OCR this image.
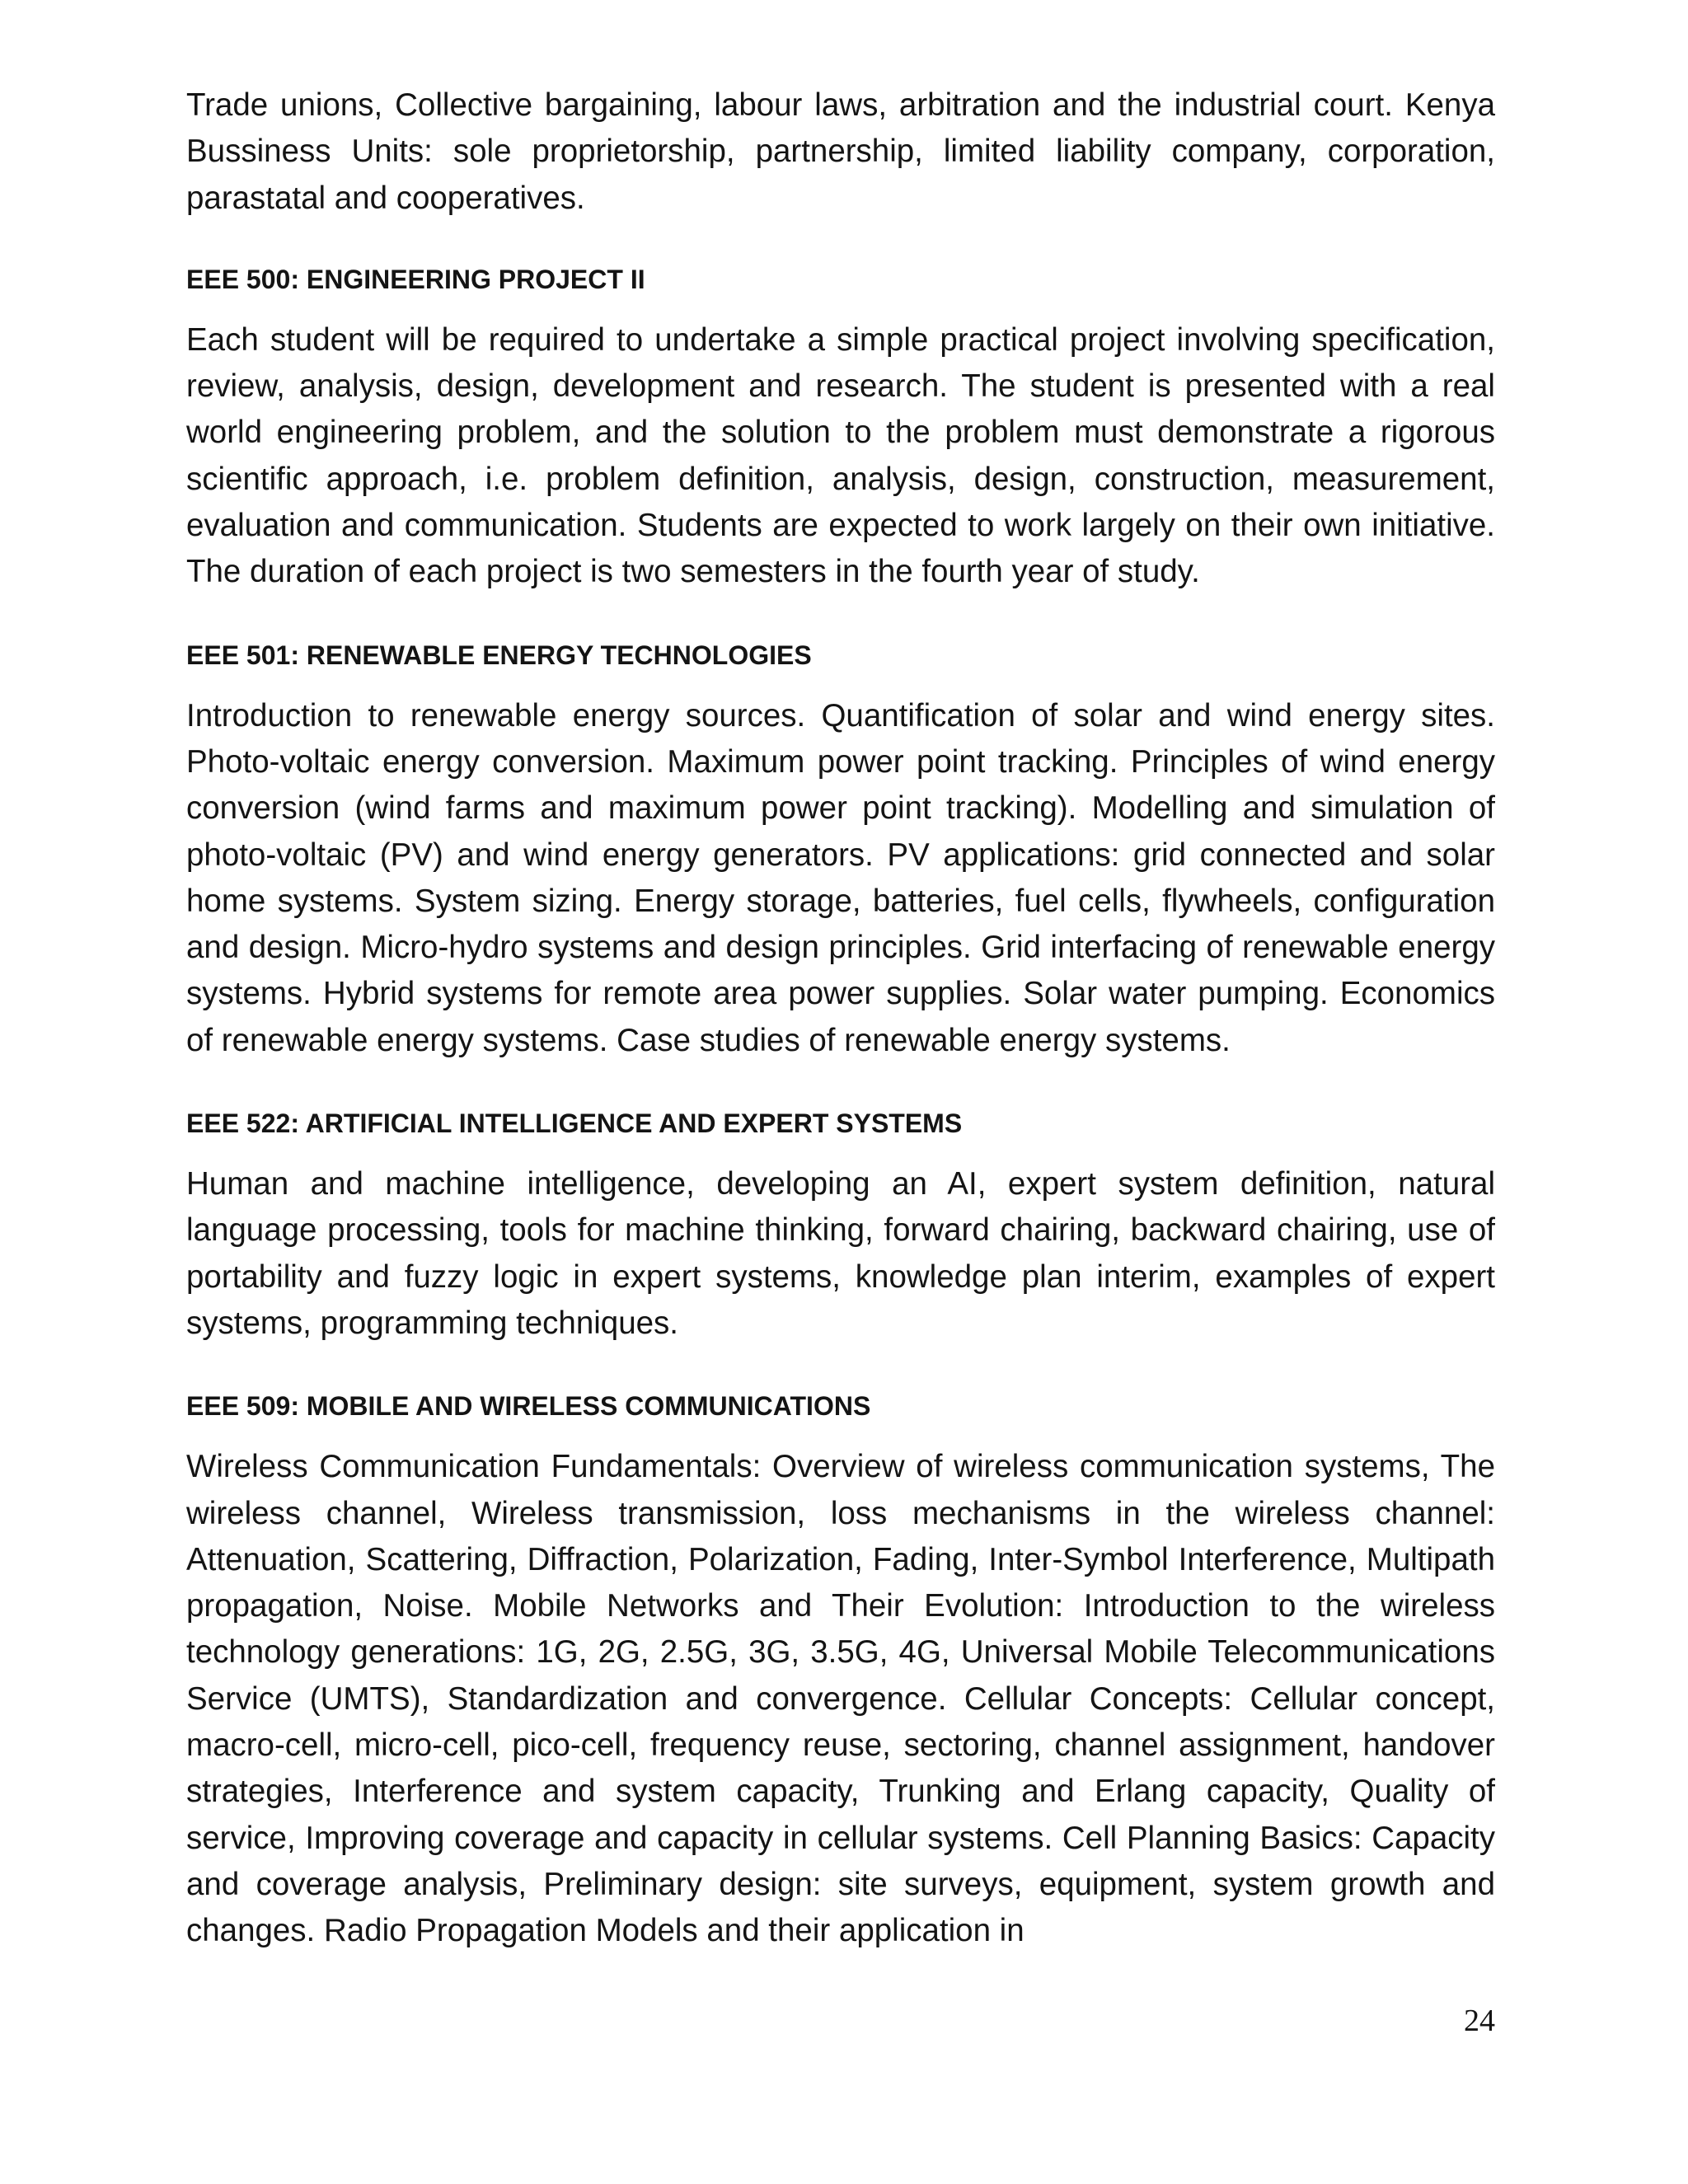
Trade unions, Collective bargaining, labour laws, arbitration and the industrial court. Kenya Bussiness Units: sole proprietorship, partnership, limited liability company, corporation, parastatal and cooperatives.

EEE 500: ENGINEERING PROJECT II

Each student will be required to undertake a simple practical project involving specification, review, analysis, design, development and research. The student is presented with a real world engineering problem, and the solution to the problem must demonstrate a rigorous scientific approach, i.e. problem definition, analysis, design, construction, measurement, evaluation and communication. Students are expected to work largely on their own initiative. The duration of each project is two semesters in the fourth year of study.

EEE 501: RENEWABLE ENERGY TECHNOLOGIES

Introduction to renewable energy sources. Quantification of solar and wind energy sites. Photo-voltaic energy conversion. Maximum power point tracking. Principles of wind energy conversion (wind farms and maximum power point tracking). Modelling and simulation of photo-voltaic (PV) and wind energy generators. PV applications: grid connected and solar home systems. System sizing. Energy storage, batteries, fuel cells, flywheels, configuration and design. Micro-hydro systems and design principles. Grid interfacing of renewable energy systems. Hybrid systems for remote area power supplies. Solar water pumping. Economics of renewable energy systems. Case studies of renewable energy systems.

EEE 522: ARTIFICIAL INTELLIGENCE AND EXPERT SYSTEMS

Human and machine intelligence, developing an AI, expert system definition, natural language processing, tools for machine thinking, forward chairing, backward chairing, use of portability and fuzzy logic in expert systems, knowledge plan interim, examples of expert systems, programming techniques.

EEE 509: MOBILE AND WIRELESS COMMUNICATIONS

Wireless Communication Fundamentals: Overview of wireless communication systems, The wireless channel, Wireless transmission, loss mechanisms in the wireless channel: Attenuation, Scattering, Diffraction, Polarization, Fading, Inter-Symbol Interference, Multipath propagation, Noise. Mobile Networks and Their Evolution: Introduction to the wireless technology generations: 1G, 2G, 2.5G, 3G, 3.5G, 4G, Universal Mobile Telecommunications Service (UMTS), Standardization and convergence. Cellular Concepts: Cellular concept, macro-cell, micro-cell, pico-cell, frequency reuse, sectoring, channel assignment, handover strategies, Interference and system capacity, Trunking and Erlang capacity, Quality of service, Improving coverage and capacity in cellular systems. Cell Planning Basics: Capacity and coverage analysis, Preliminary design: site surveys, equipment, system growth and changes. Radio Propagation Models and their application in

24
